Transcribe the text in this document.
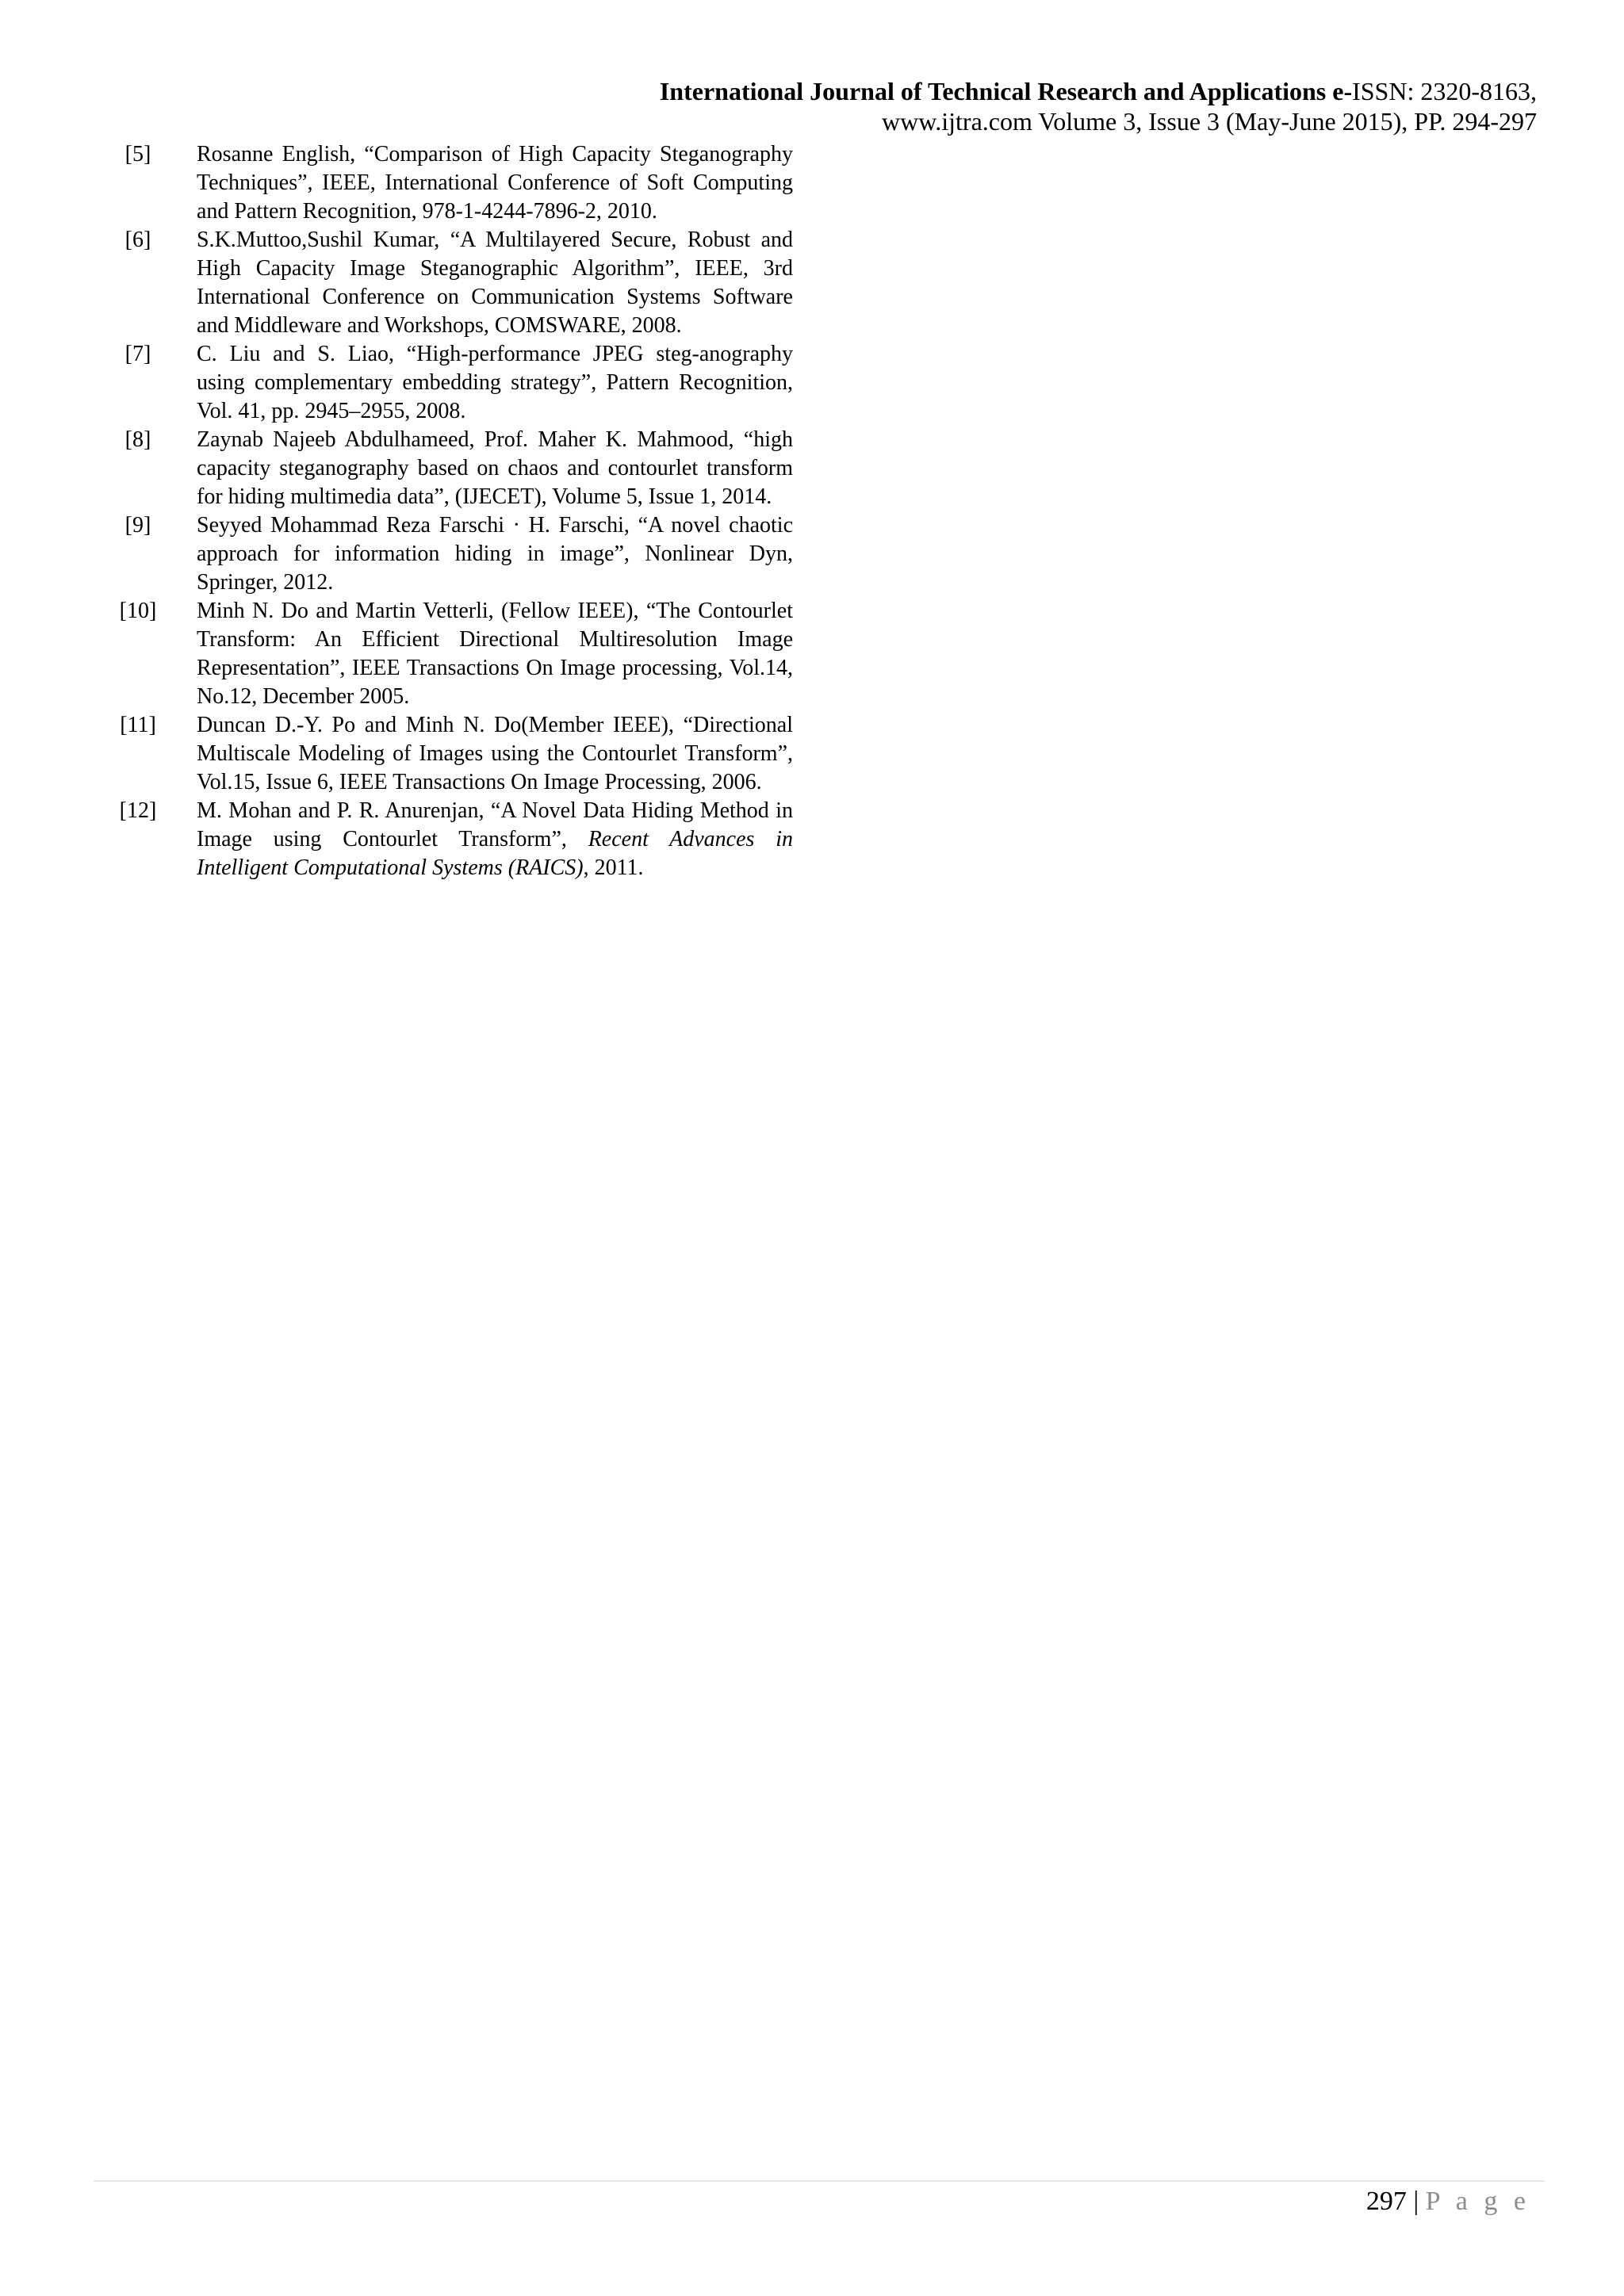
International Journal of Technical Research and Applications e-ISSN: 2320-8163,
www.ijtra.com Volume 3, Issue 3 (May-June 2015), PP. 294-297
[5]	Rosanne English, “Comparison of High Capacity Steganography Techniques”, IEEE, International Conference of Soft Computing and Pattern Recognition, 978-1-4244-7896-2, 2010.
[6]	S.K.Muttoo,Sushil Kumar, “A Multilayered Secure, Robust and High Capacity Image Steganographic Algorithm”, IEEE, 3rd International Conference on Communication Systems Software and Middleware and Workshops, COMSWARE, 2008.
[7]	C. Liu and S. Liao, “High-performance JPEG steg-anography using complementary embedding strategy”, Pattern Recognition, Vol. 41, pp. 2945–2955, 2008.
[8]	Zaynab Najeeb Abdulhameed, Prof. Maher K. Mahmood, “high capacity steganography based on chaos and contourlet transform for hiding multimedia data”, (IJECET), Volume 5, Issue 1, 2014.
[9]	Seyyed Mohammad Reza Farschi · H. Farschi, “A novel chaotic approach for information hiding in image”, Nonlinear Dyn, Springer, 2012.
[10]	Minh N. Do and Martin Vetterli, (Fellow IEEE), “The Contourlet Transform: An Efficient Directional Multiresolution Image Representation”, IEEE Transactions On Image processing, Vol.14, No.12, December 2005.
[11]	Duncan D.-Y. Po and Minh N. Do(Member IEEE), “Directional Multiscale Modeling of Images using the Contourlet Transform”, Vol.15, Issue 6, IEEE Transactions On Image Processing, 2006.
[12]	M. Mohan and P. R. Anurenjan, “A Novel Data Hiding Method in Image using Contourlet Transform”, Recent Advances in Intelligent Computational Systems (RAICS), 2011.
297 | P a g e
